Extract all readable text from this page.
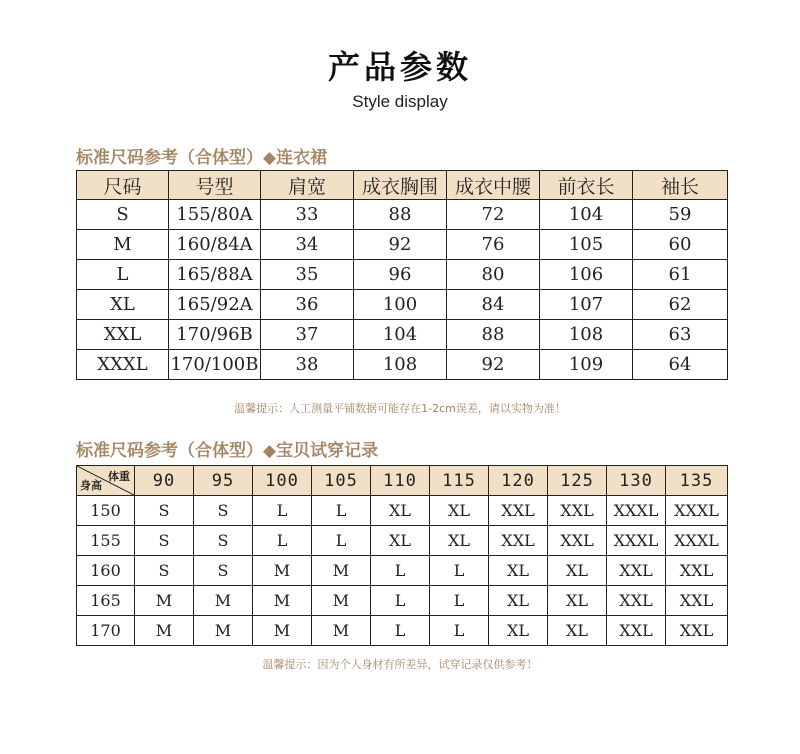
产品参数
Style display
标准尺码参考（合体型）◆连衣裙
尺码	号型	肩宽	成衣胸围	成衣中腰	前衣长	袖长
S	155/80A	33	88	72	104	59
M	160/84A	34	92	76	105	60
L	165/88A	35	96	80	106	61
XL	165/92A	36	100	84	107	62
XXL	170/96B	37	104	88	108	63
XXXL	170/100B	38	108	92	109	64
温馨提示：人工测量平铺数据可能存在1-2cm误差，请以实物为准！
标准尺码参考（合体型）◆宝贝试穿记录
体重
身高	90	95	100	105	110	115	120	125	130	135
150	S	S	L	L	XL	XL	XXL	XXL	XXXL	XXXL
155	S	S	L	L	XL	XL	XXL	XXL	XXXL	XXXL
160	S	S	M	M	L	L	XL	XL	XXL	XXL
165	M	M	M	M	L	L	XL	XL	XXL	XXL
170	M	M	M	M	L	L	XL	XL	XXL	XXL
温馨提示：因为个人身材有所差异，试穿记录仅供参考！
